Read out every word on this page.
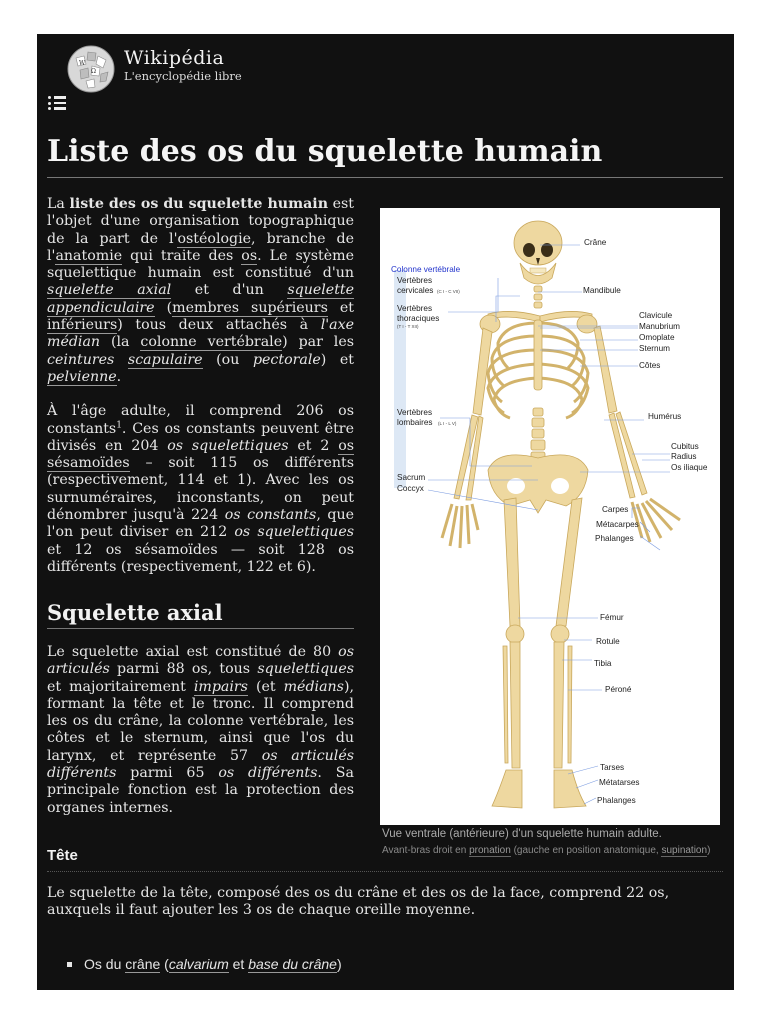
W
Ω
Wikipédia
L'encyclopédie libre
Liste des os du squelette humain

La liste des os du squelette humain est l'objet d'une organisation topographique de la part de l'ostéologie, branche de l'anatomie qui traite des os. Le système squelettique humain est constitué d'un squelette axial et d'un squelette appendiculaire (membres supérieurs et inférieurs) tous deux attachés à l'axe médian (la colonne vertébrale) par les ceintures scapulaire (ou pectorale) et pelvienne.

À l'âge adulte, il comprend 206 os constants$^1$. Ces os constants peuvent être divisés en 204 os squelettiques et 2 os sésamoïdes – soit 115 os différents (respectivement, 114 et 1). Avec les os surnuméraires, inconstants, on peut dénombrer jusqu'à 224 os constants, que l'on peut diviser en 212 os squelettiques et 12 os sésamoïdes — soit 128 os différents (respectivement, 122 et 6).

Squelette axial

Le squelette axial est constitué de 80 os articulés parmi 88 os, tous squelettiques et majoritairement impairs (et médians), formant la tête et le tronc. Il comprend les os du crâne, la colonne vertébrale, les côtes et le sternum, ainsi que l'os du larynx, et représente 57 os articulés différents parmi 65 os différents. Sa principale fonction est la protection des organes internes.

Tête
Crâne
Colonne vertébrale
Vertèbres
cervicales (C I - C VII)	Mandibule
Vertèbres
thoraciques
(T I - T XII)
Clavicule
Manubrium
Omoplate
Sternum
Côtes
Humérus
Vertèbres
lombaires (L I - L V)
Cubitus
Radius
Os iliaque
Sacrum
Coccyx
Carpes
Métacarpes
Phalanges
Fémur
Rotule
Tibia
Péroné
Tarses
Métatarses
Phalanges
Vue ventrale (antérieure) d'un squelette humain adulte.
Avant-bras droit en pronation (gauche en position anatomique, supination)

Le squelette de la tête, composé des os du crâne et des os de la face, comprend 22 os, auxquels il faut ajouter les 3 os de chaque oreille moyenne.

Os du crâne (calvarium et base du crâne)
